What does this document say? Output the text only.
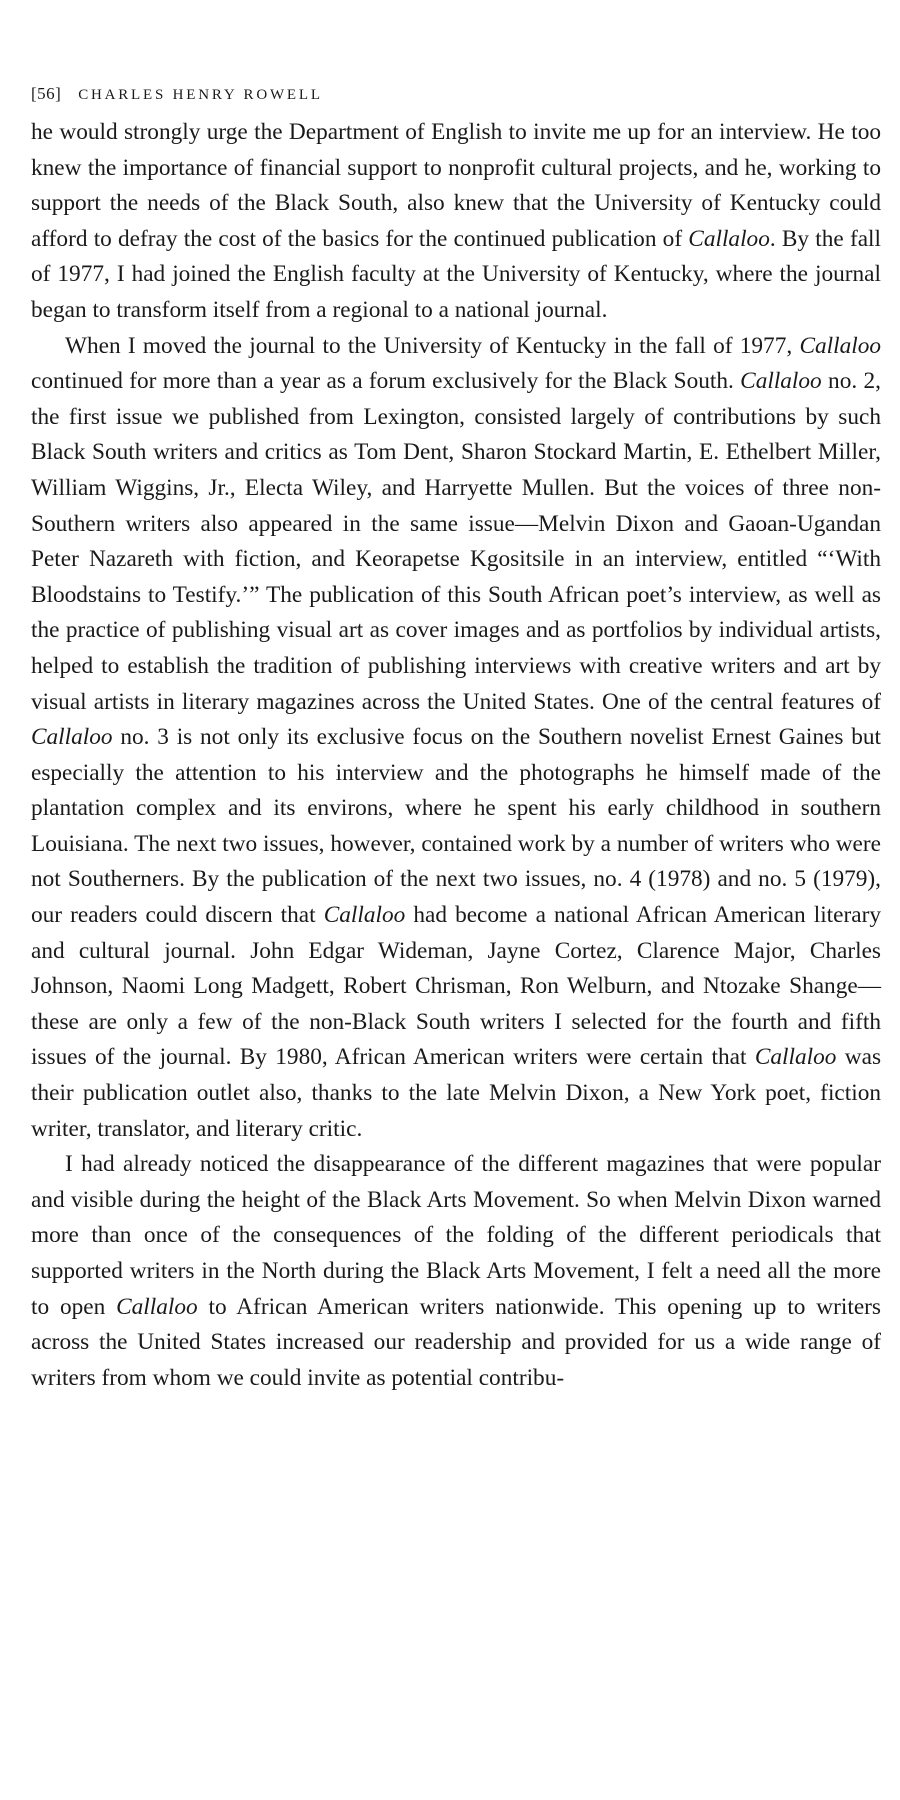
[56] CHARLES HENRY ROWELL

he would strongly urge the Department of English to invite me up for an interview. He too knew the importance of financial support to nonprofit cultural projects, and he, working to support the needs of the Black South, also knew that the University of Kentucky could afford to defray the cost of the basics for the continued publication of Callaloo. By the fall of 1977, I had joined the English faculty at the University of Kentucky, where the journal began to transform itself from a regional to a national journal.

When I moved the journal to the University of Kentucky in the fall of 1977, Callaloo continued for more than a year as a forum exclusively for the Black South. Callaloo no. 2, the first issue we published from Lexington, consisted largely of contributions by such Black South writers and critics as Tom Dent, Sharon Stockard Martin, E. Ethelbert Miller, William Wiggins, Jr., Electa Wiley, and Harryette Mullen. But the voices of three non-Southern writers also appeared in the same issue—Melvin Dixon and Gaoan-Ugandan Peter Nazareth with fiction, and Keorapetse Kgositsile in an interview, entitled “‘With Bloodstains to Testify.’” The publication of this South African poet’s interview, as well as the practice of publishing visual art as cover images and as portfolios by individual artists, helped to establish the tradition of publishing interviews with creative writers and art by visual artists in literary magazines across the United States. One of the central features of Callaloo no. 3 is not only its exclusive focus on the Southern novelist Ernest Gaines but especially the attention to his interview and the photographs he himself made of the plantation complex and its environs, where he spent his early childhood in southern Louisiana. The next two issues, however, contained work by a number of writers who were not Southerners. By the publication of the next two issues, no. 4 (1978) and no. 5 (1979), our readers could discern that Callaloo had become a national African American literary and cultural journal. John Edgar Wideman, Jayne Cortez, Clarence Major, Charles Johnson, Naomi Long Madgett, Robert Chrisman, Ron Welburn, and Ntozake Shange—these are only a few of the non-Black South writers I selected for the fourth and fifth issues of the journal. By 1980, African American writers were certain that Callaloo was their publication outlet also, thanks to the late Melvin Dixon, a New York poet, fiction writer, translator, and literary critic.

I had already noticed the disappearance of the different magazines that were popular and visible during the height of the Black Arts Movement. So when Melvin Dixon warned more than once of the consequences of the folding of the different periodicals that supported writers in the North during the Black Arts Movement, I felt a need all the more to open Callaloo to African American writers nationwide. This opening up to writers across the United States increased our readership and provided for us a wide range of writers from whom we could invite as potential contribu-
